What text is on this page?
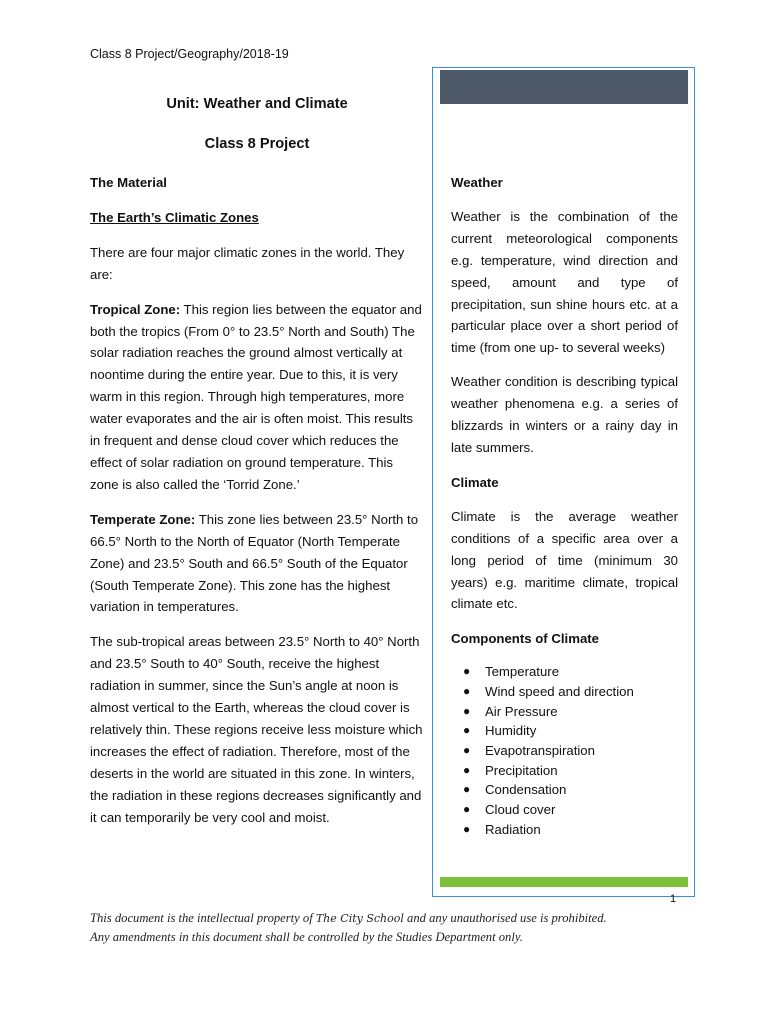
Class 8 Project/Geography/2018-19
Unit: Weather and Climate
Class 8 Project
The Material
The Earth’s Climatic Zones

There are four major climatic zones in the world. They are:

Tropical Zone: This region lies between the equator and both the tropics (From 0° to 23.5° North and South) The solar radiation reaches the ground almost vertically at noontime during the entire year. Due to this, it is very warm in this region. Through high temperatures, more water evaporates and the air is often moist. This results in frequent and dense cloud cover which reduces the effect of solar radiation on ground temperature. This zone is also called the ‘Torrid Zone.’

Temperate Zone: This zone lies between 23.5° North to 66.5° North to the North of Equator (North Temperate Zone) and 23.5° South and 66.5° South of the Equator (South Temperate Zone). This zone has the highest variation in temperatures.

The sub-tropical areas between 23.5° North to 40° North and 23.5° South to 40° South, receive the highest radiation in summer, since the Sun’s angle at noon is almost vertical to the Earth, whereas the cloud cover is relatively thin. These regions receive less moisture which increases the effect of radiation. Therefore, most of the deserts in the world are situated in this zone. In winters, the radiation in these regions decreases significantly and it can temporarily be very cool and moist.

Weather

Weather is the combination of the current meteorological components e.g. temperature, wind direction and speed, amount and type of precipitation, sun shine hours etc. at a particular place over a short period of time (from one up- to several weeks)

Weather condition is describing typical weather phenomena e.g. a series of blizzards in winters or a rainy day in late summers.

Climate

Climate is the average weather conditions of a specific area over a long period of time (minimum 30 years) e.g. maritime climate, tropical climate etc.

Components of Climate
● Temperature
● Wind speed and direction
● Air Pressure
● Humidity
● Evapotranspiration
● Precipitation
● Condensation
● Cloud cover
● Radiation
1
This document is the intellectual property of The City School and any unauthorised use is prohibited.
Any amendments in this document shall be controlled by the Studies Department only.
